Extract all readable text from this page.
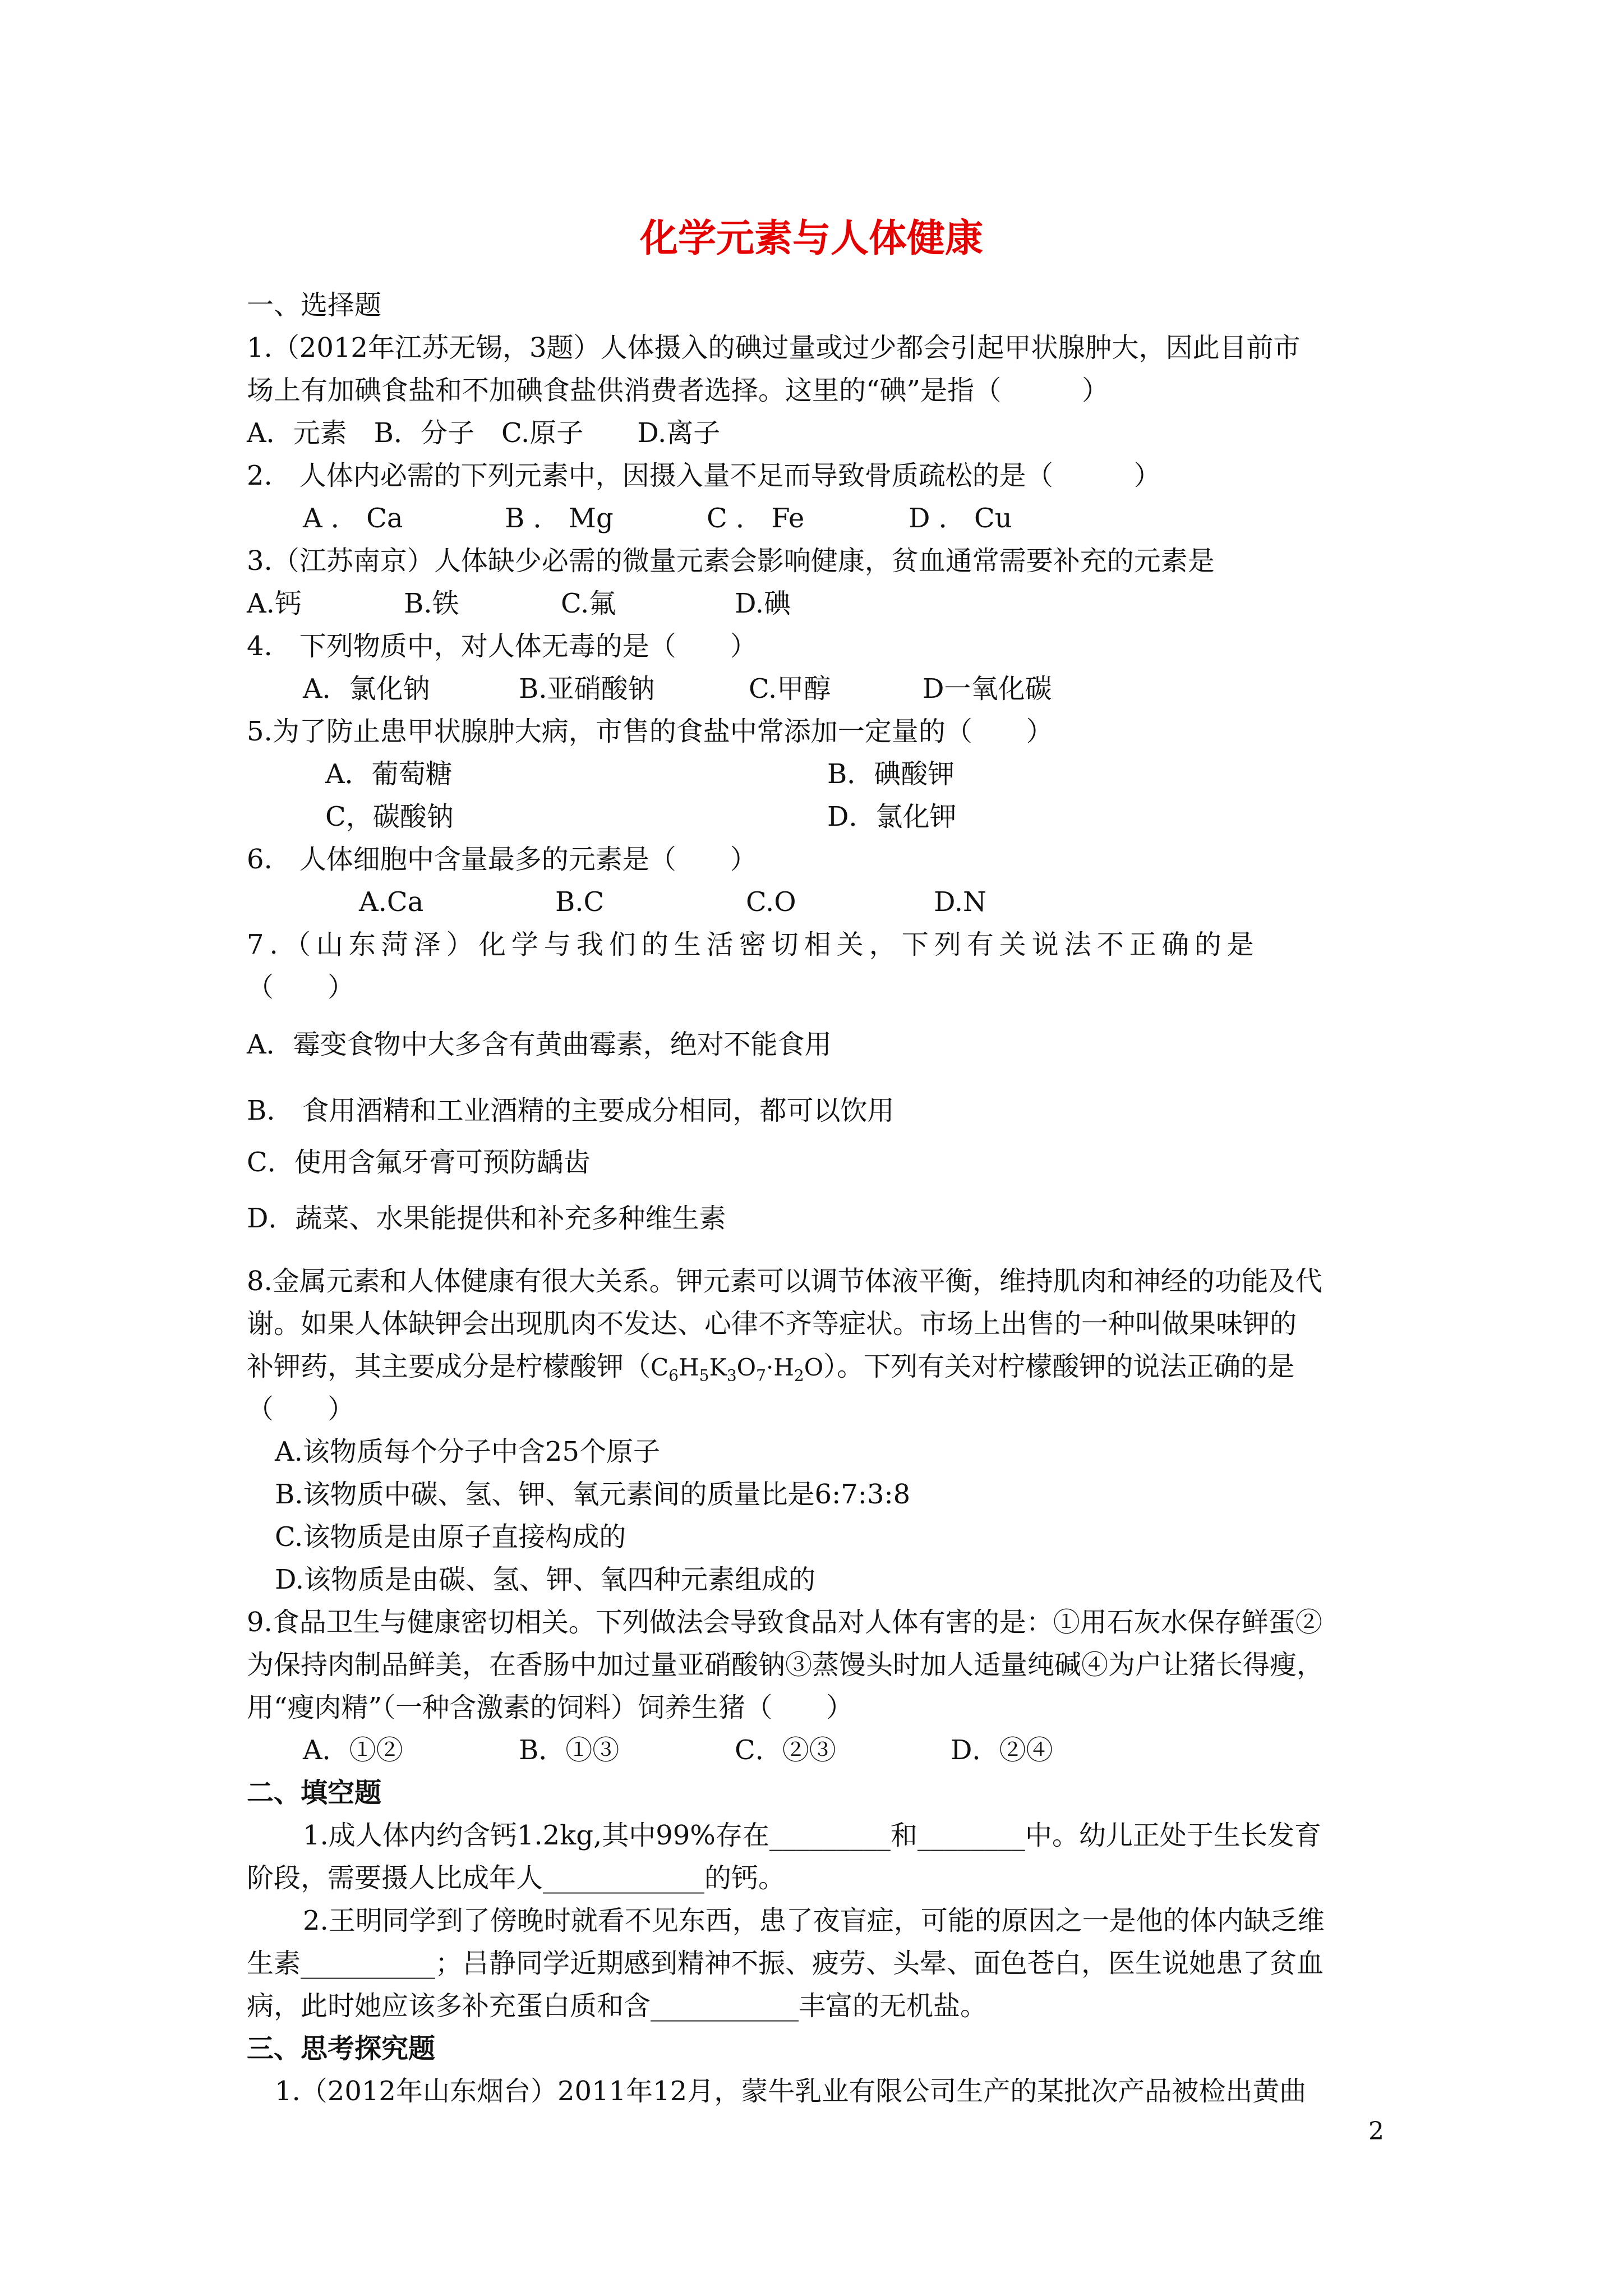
化学元素与人体健康
一、选择题
1.（2012年江苏无锡，3题）人体摄入的碘过量或过少都会引起甲状腺肿大，因此目前市
场上有加碘食盐和不加碘食盐供消费者选择。这里的“碘”是指（　　　）
A．元素　B．分子　C.原子　　D.离子
2.　人体内必需的下列元素中，因摄入量不足而导致骨质疏松的是（　　　）
A ． Ca	B ． Mg	C ． Fe	D ． Cu
3.（江苏南京）人体缺少必需的微量元素会影响健康，贫血通常需要补充的元素是
A.钙	B.铁	C.氟	D.碘
4.　下列物质中，对人体无毒的是（　　）
A．氯化钠	B.亚硝酸钠	C.甲醇	D一氧化碳
5.为了防止患甲状腺肿大病，市售的食盐中常添加一定量的（　　）
A．葡萄糖	B．碘酸钾
C，碳酸钠	D．氯化钾
6.　人体细胞中含量最多的元素是（　　）
A.Ca	B.C	C.O	D.N
7.（山东菏泽）化学与我们的生活密切相关，下列有关说法不正确的是
（　　）
A．霉变食物中大多含有黄曲霉素，绝对不能食用
B.　食用酒精和工业酒精的主要成分相同，都可以饮用
C．使用含氟牙膏可预防龋齿
D．蔬菜、水果能提供和补充多种维生素
8.金属元素和人体健康有很大关系。钾元素可以调节体液平衡，维持肌肉和神经的功能及代
谢。如果人体缺钾会出现肌肉不发达、心律不齐等症状。市场上出售的一种叫做果味钾的
补钾药，其主要成分是柠檬酸钾$(C_6H_5K_3O_7\cdot H_2O)$。下列有关对柠檬酸钾的说法正确的是
（　　）
A.该物质每个分子中含25个原子
B.该物质中碳、氢、钾、氧元素间的质量比是6:7:3:8
C.该物质是由原子直接构成的
D.该物质是由碳、氢、钾、氧四种元素组成的
9.食品卫生与健康密切相关。下列做法会导致食品对人体有害的是：①用石灰水保存鲜蛋②
为保持肉制品鲜美，在香肠中加过量亚硝酸钠③蒸馒头时加人适量纯碱④为户让猪长得瘦，
用“瘦肉精”（一种含激素的饲料）饲养生猪（　　）
A．①②	B．①③	C．②③	D．②④
二、填空题
1.成人体内约含钙1.2kg,其中99%存在_________和________中。幼儿正处于生长发育
阶段，需要摄人比成年人____________的钙。
2.王明同学到了傍晚时就看不见东西，患了夜盲症，可能的原因之一是他的体内缺乏维
生素__________；吕静同学近期感到精神不振、疲劳、头晕、面色苍白，医生说她患了贫血
病，此时她应该多补充蛋白质和含___________丰富的无机盐。
三、思考探究题
1.（2012年山东烟台）2011年12月，蒙牛乳业有限公司生产的某批次产品被检出黄曲
2
